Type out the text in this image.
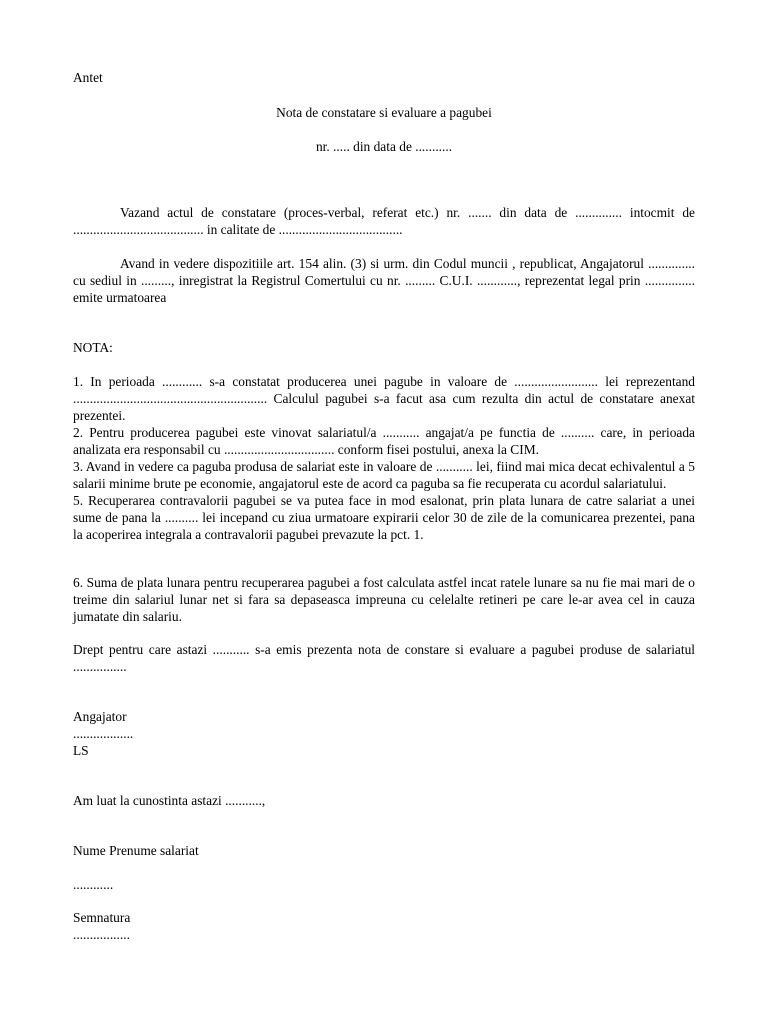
Antet
Nota de constatare si evaluare a pagubei
nr. ..... din data de ...........

Vazand actul de constatare (proces-verbal, referat etc.) nr. ....... din data de .............. intocmit de ....................................... in calitate de .....................................

Avand in vedere dispozitiile art. 154 alin. (3) si urm. din Codul muncii , republicat, Angajatorul .............. cu sediul in ........., inregistrat la Registrul Comertului cu nr. ......... C.U.I. ............, reprezentat legal prin ............... emite urmatoarea

NOTA:

1. In perioada ............ s-a constatat producerea unei pagube in valoare de ......................... lei reprezentand .......................................................... Calculul pagubei s-a facut asa cum rezulta din actul de constatare anexat prezentei.

2. Pentru producerea pagubei este vinovat salariatul/a ........... angajat/a pe functia de .......... care, in perioada analizata era responsabil cu ................................. conform fisei postului, anexa la CIM.

3. Avand in vedere ca paguba produsa de salariat este in valoare de ........... lei, fiind mai mica decat echivalentul a 5 salarii minime brute pe economie, angajatorul este de acord ca paguba sa fie recuperata cu acordul salariatului.

5. Recuperarea contravalorii pagubei se va putea face in mod esalonat, prin plata lunara de catre salariat a unei sume de pana la .......... lei incepand cu ziua urmatoare expirarii celor 30 de zile de la comunicarea prezentei, pana la acoperirea integrala a contravalorii pagubei prevazute la pct. 1.

6. Suma de plata lunara pentru recuperarea pagubei a fost calculata astfel incat ratele lunare sa nu fie mai mari de o treime din salariul lunar net si fara sa depaseasca impreuna cu celelalte retineri pe care le-ar avea cel in cauza jumatate din salariu.

Drept pentru care astazi ........... s-a emis prezenta nota de constare si evaluare a pagubei produse de salariatul ................

Angajator
..................
LS
Am luat la cunostinta astazi ...........,
Nume Prenume salariat
............
Semnatura
.................
